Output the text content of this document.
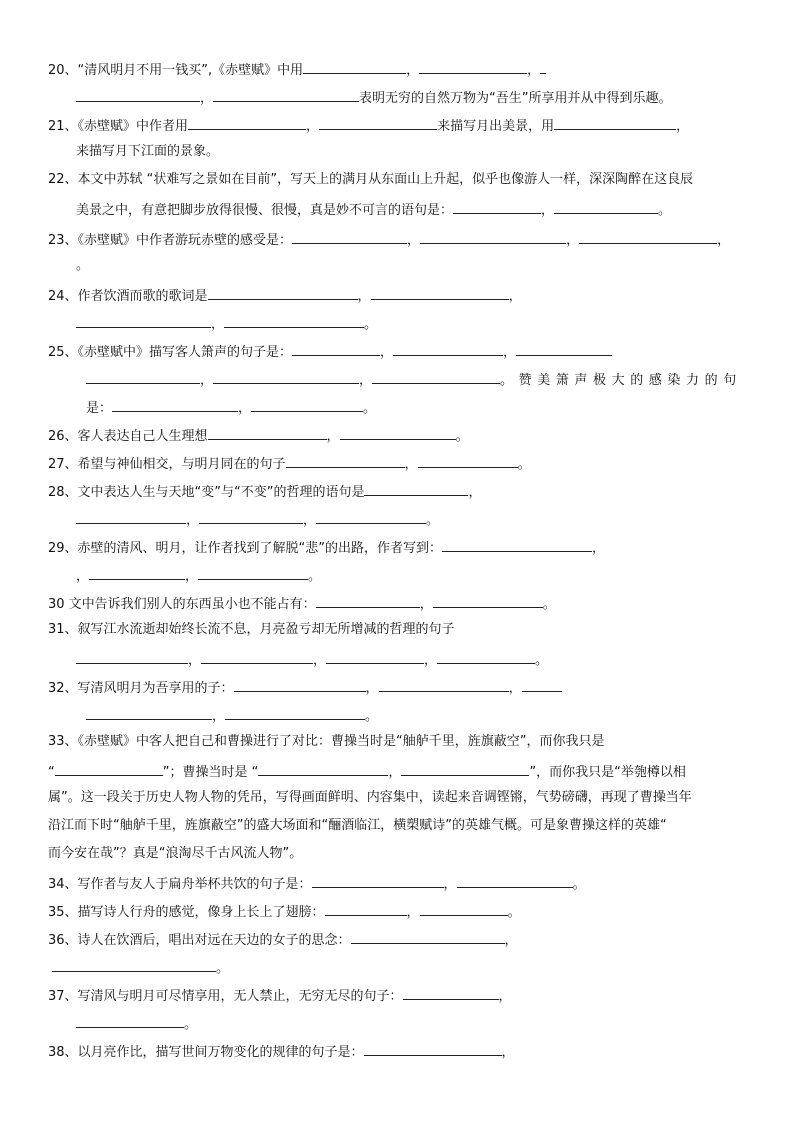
20、“清风明月不用一钱买”,《赤壁赋》中用	，	，
，	表明无穷的自然万物为“吾生”所享用并从中得到乐趣。
21、《赤壁赋》中作者用	，	来描写月出美景，用	，
来描写月下江面的景象。
22、本文中苏轼 “状难写之景如在目前”，写天上的满月从东面山上升起，似乎也像游人一样，深深陶醉在这良辰
美景之中，有意把脚步放得很慢、很慢，真是妙不可言的语句是：	，	。
23、《赤壁赋》中作者游玩赤壁的感受是：	，	，	，
。
24、作者饮酒而歌的歌词是	，	，
，	。
25、《赤壁赋中》描写客人箫声的句子是：	，	，
，	，	。赞美箫声极大的感染力的句
是：	，	。
26、客人表达自己人生理想	，	。
27、希望与神仙相交，与明月同在的句子	，	。
28、文中表达人生与天地“变”与“不变”的哲理的语句是	，
，	，	。
29、赤壁的清风、明月，让作者找到了解脱“悲”的出路，作者写到：	，
，	，	。
30 文中告诉我们别人的东西虽小也不能占有：	，	。
31、叙写江水流逝却始终长流不息，月亮盈亏却无所增减的哲理的句子
，	，	，	。
32、写清风明月为吾享用的子：	，	，
，	。
33、《赤壁赋》中客人把自己和曹操进行了对比：曹操当时是“舳舻千里，旌旗蔽空”，而你我只是
“	”；曹操当时是 “	，	”，而你我只是“举匏樽以相
属”。这一段关于历史人物人物的凭吊，写得画面鲜明、内容集中，读起来音调铿锵，气势磅礴，再现了曹操当年
沿江而下时“舳舻千里，旌旗蔽空”的盛大场面和“酾酒临江，横槊赋诗”的英雄气概。可是象曹操这样的英雄“
而今安在哉”？真是“浪淘尽千古风流人物”。
34、写作者与友人于扁舟举杯共饮的句子是：	，	。
35、描写诗人行舟的感觉，像身上长上了翅膀：	，	。
36、诗人在饮酒后，唱出对远在天边的女子的思念：	，
。
37、写清风与明月可尽情享用，无人禁止，无穷无尽的句子：	，
。
38、以月亮作比，描写世间万物变化的规律的句子是：	，
